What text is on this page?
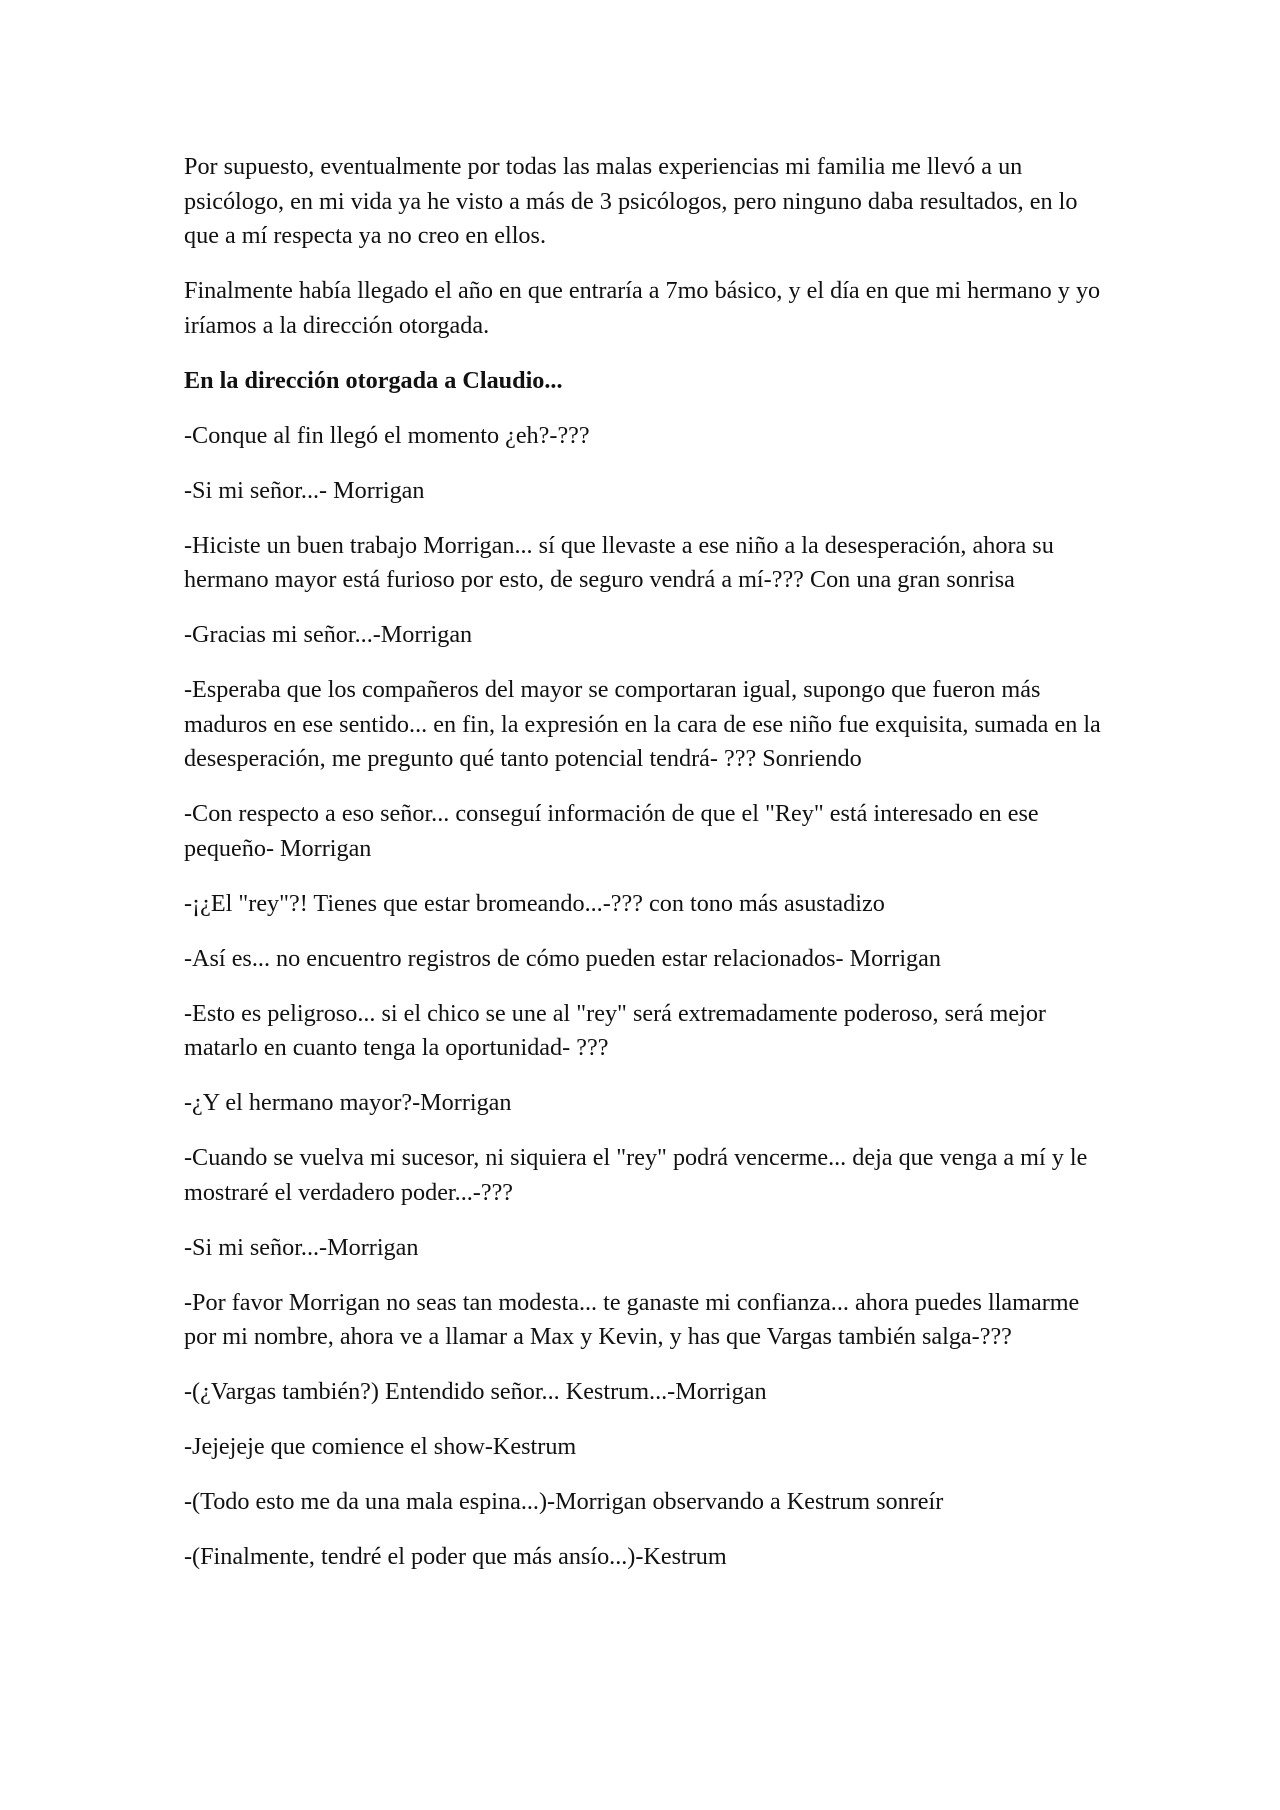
Por supuesto, eventualmente por todas las malas experiencias mi familia me llevó a un psicólogo, en mi vida ya he visto a más de 3 psicólogos, pero ninguno daba resultados, en lo que a mí respecta ya no creo en ellos.

Finalmente había llegado el año en que entraría a 7mo básico, y el día en que mi hermano y yo iríamos a la dirección otorgada.

En la dirección otorgada a Claudio...

-Conque al fin llegó el momento ¿eh?-???

-Si mi señor...- Morrigan

-Hiciste un buen trabajo Morrigan... sí que llevaste a ese niño a la desesperación, ahora su hermano mayor está furioso por esto, de seguro vendrá a mí-??? Con una gran sonrisa

-Gracias mi señor...-Morrigan

-Esperaba que los compañeros del mayor se comportaran igual, supongo que fueron más maduros en ese sentido... en fin, la expresión en la cara de ese niño fue exquisita, sumada en la desesperación, me pregunto qué tanto potencial tendrá- ??? Sonriendo

-Con respecto a eso señor... conseguí información de que el "Rey" está interesado en ese pequeño- Morrigan

-¡¿El "rey"?! Tienes que estar bromeando...-??? con tono más asustadizo

-Así es... no encuentro registros de cómo pueden estar relacionados- Morrigan

-Esto es peligroso... si el chico se une al "rey" será extremadamente poderoso, será mejor matarlo en cuanto tenga la oportunidad- ???

-¿Y el hermano mayor?-Morrigan

-Cuando se vuelva mi sucesor, ni siquiera el "rey" podrá vencerme... deja que venga a mí y le mostraré el verdadero poder...-???

-Si mi señor...-Morrigan

-Por favor Morrigan no seas tan modesta... te ganaste mi confianza... ahora puedes llamarme por mi nombre, ahora ve a llamar a Max y Kevin, y has que Vargas también salga-???

-(¿Vargas también?) Entendido señor... Kestrum...-Morrigan

-Jejejeje que comience el show-Kestrum

-(Todo esto me da una mala espina...)-Morrigan observando a Kestrum sonreír

-(Finalmente, tendré el poder que más ansío...)-Kestrum
